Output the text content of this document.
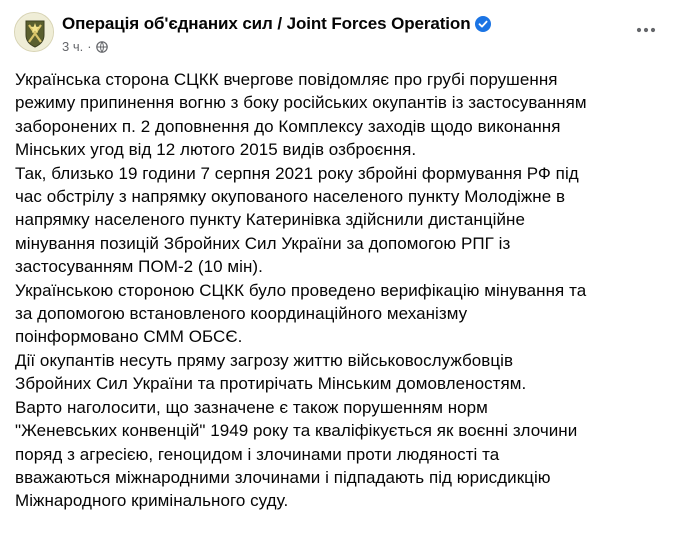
Операція об'єднаних сил / Joint Forces Operation
3 ч. ·
Українська сторона СЦКК вчергове повідомляє про грубі порушення
режиму припинення вогню з боку російських окупантів із застосуванням
заборонених п. 2 доповнення до Комплексу заходів щодо виконання
Мінських угод від 12 лютого 2015 видів озброєння.
Так, близько 19 години 7 серпня 2021 року збройні формування РФ під
час обстрілу з напрямку окупованого населеного пункту Молодіжне в
напрямку населеного пункту Катеринівка здійснили дистанційне
мінування позицій Збройних Сил України за допомогою РПГ із
застосуванням ПОМ-2 (10 мін).
Українською стороною СЦКК було проведено верифікацію мінування та
за допомогою встановленого координаційного механізму
поінформовано СММ ОБСЄ.
Дії окупантів несуть пряму загрозу життю військовослужбовців
Збройних Сил України та протирічать Мінським домовленостям.
Варто наголосити, що зазначене є також порушенням норм
"Женевських конвенцій" 1949 року та кваліфікується як воєнні злочини
поряд з агресією, геноцидом і злочинами проти людяності та
вважаються міжнародними злочинами і підпадають під юрисдикцію
Міжнародного кримінального суду.
